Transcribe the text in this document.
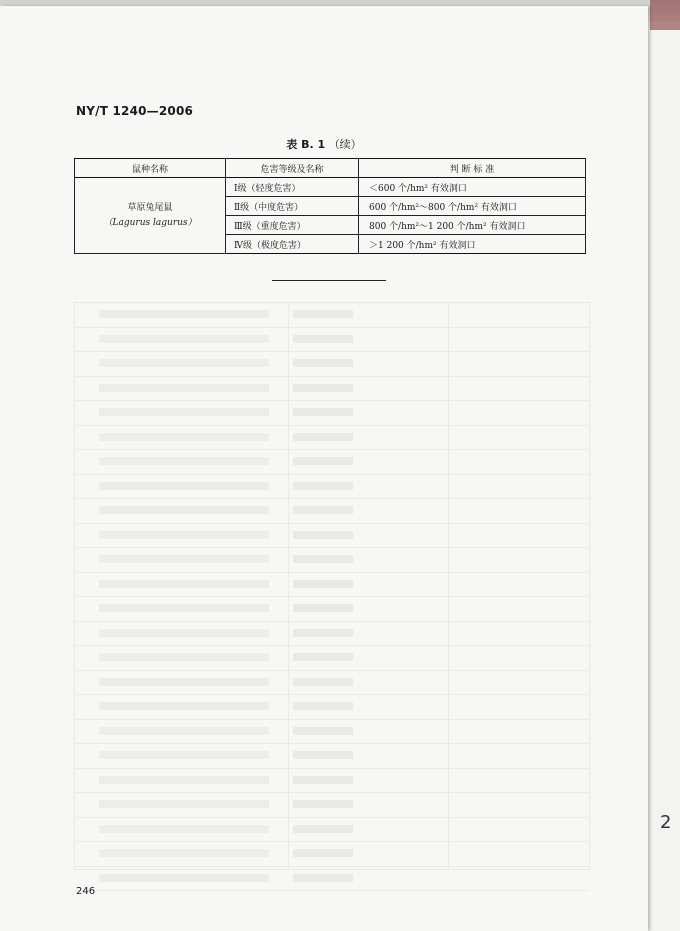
NY/T 1240—2006
表 B. 1 （续）
鼠种名称	危害等级及名称	判 断 标 准

草原兔尾鼠
（Lagurus lagurus）	Ⅰ级（轻度危害）	＜600 个/hm² 有效洞口
	Ⅱ级（中度危害）	600 个/hm²～800 个/hm² 有效洞口
	Ⅲ级（重度危害）	800 个/hm²～1 200 个/hm² 有效洞口
	Ⅳ级（极度危害）	＞1 200 个/hm² 有效洞口
246
2
